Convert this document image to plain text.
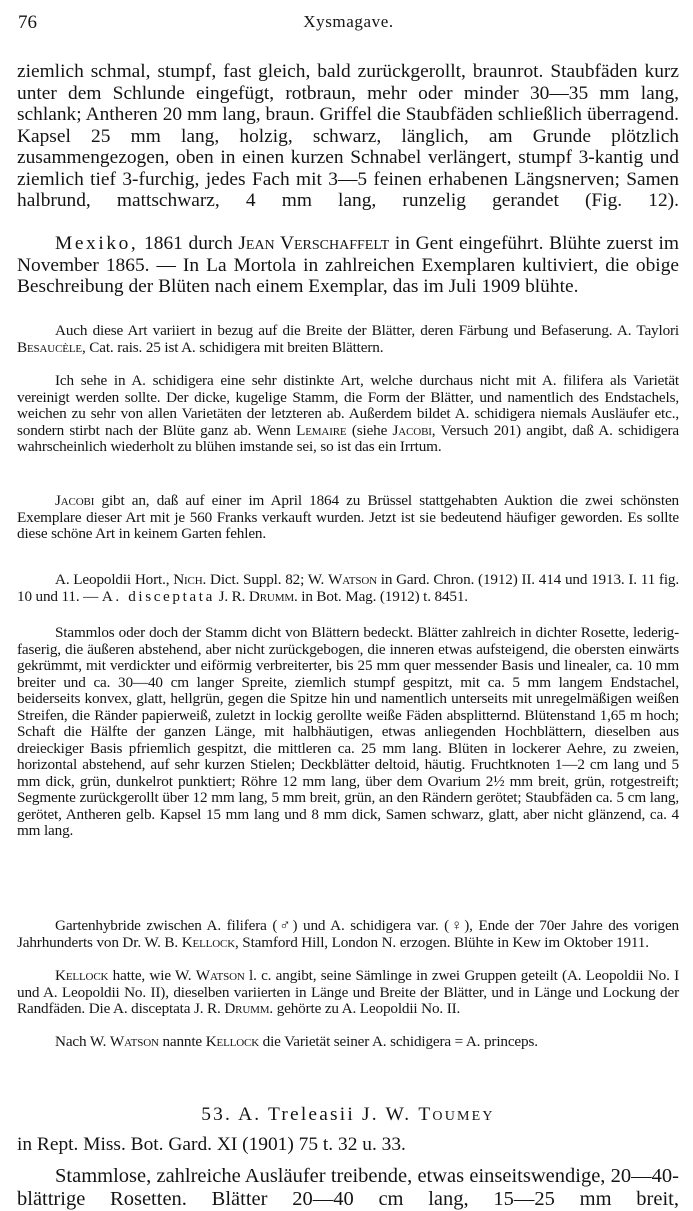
76	Xysmagave.
ziemlich schmal, stumpf, fast gleich, bald zurückgerollt, braunrot. Staubfäden kurz unter dem Schlunde eingefügt, rotbraun, mehr oder minder 30—35 mm lang, schlank; Antheren 20 mm lang, braun. Griffel die Staubfäden schließlich überragend. Kapsel 25 mm lang, holzig, schwarz, länglich, am Grunde plötzlich zusammengezogen, oben in einen kurzen Schnabel verlängert, stumpf 3-kantig und ziemlich tief 3-furchig, jedes Fach mit 3—5 feinen erhabenen Längsnerven; Samen halbrund, mattschwarz, 4 mm lang, runzelig gerandet (Fig. 12).
Mexiko, 1861 durch Jean Verschaffelt in Gent eingeführt. Blühte zuerst im November 1865. — In La Mortola in zahlreichen Exemplaren kultiviert, die obige Beschreibung der Blüten nach einem Exemplar, das im Juli 1909 blühte.
Auch diese Art variiert in bezug auf die Breite der Blätter, deren Färbung und Befaserung. A. Taylori Besaucèle, Cat. rais. 25 ist A. schidigera mit breiten Blättern.
Ich sehe in A. schidigera eine sehr distinkte Art, welche durchaus nicht mit A. filifera als Varietät vereinigt werden sollte. Der dicke, kugelige Stamm, die Form der Blätter, und namentlich des Endstachels, weichen zu sehr von allen Varietäten der letzteren ab. Außerdem bildet A. schidigera niemals Ausläufer etc., sondern stirbt nach der Blüte ganz ab. Wenn Lemaire (siehe Jacobi, Versuch 201) angibt, daß A. schidigera wahrscheinlich wiederholt zu blühen imstande sei, so ist das ein Irrtum.
Jacobi gibt an, daß auf einer im April 1864 zu Brüssel stattgehabten Auktion die zwei schönsten Exemplare dieser Art mit je 560 Franks verkauft wurden. Jetzt ist sie bedeutend häufiger geworden. Es sollte diese schöne Art in keinem Garten fehlen.
A. Leopoldii Hort., Nich. Dict. Suppl. 82; W. Watson in Gard. Chron. (1912) II. 414 und 1913. I. 11 fig. 10 und 11. — A. disceptata J. R. Drumm. in Bot. Mag. (1912) t. 8451.
Stammlos oder doch der Stamm dicht von Blättern bedeckt. Blätter zahlreich in dichter Rosette, lederig-faserig, die äußeren abstehend, aber nicht zurückgebogen, die inneren etwas aufsteigend, die obersten einwärts gekrümmt, mit verdickter und eiförmig verbreiterter, bis 25 mm quer messender Basis und linealer, ca. 10 mm breiter und ca. 30—40 cm langer Spreite, ziemlich stumpf gespitzt, mit ca. 5 mm langem Endstachel, beiderseits konvex, glatt, hellgrün, gegen die Spitze hin und namentlich unterseits mit unregelmäßigen weißen Streifen, die Ränder papierweiß, zuletzt in lockig gerollte weiße Fäden absplitternd. Blütenstand 1,65 m hoch; Schaft die Hälfte der ganzen Länge, mit halbhäutigen, etwas anliegenden Hochblättern, dieselben aus dreieckiger Basis pfriemlich gespitzt, die mittleren ca. 25 mm lang. Blüten in lockerer Aehre, zu zweien, horizontal abstehend, auf sehr kurzen Stielen; Deckblätter deltoid, häutig. Fruchtknoten 1—2 cm lang und 5 mm dick, grün, dunkelrot punktiert; Röhre 12 mm lang, über dem Ovarium 2½ mm breit, grün, rotgestreift; Segmente zurückgerollt über 12 mm lang, 5 mm breit, grün, an den Rändern gerötet; Staubfäden ca. 5 cm lang, gerötet, Antheren gelb. Kapsel 15 mm lang und 8 mm dick, Samen schwarz, glatt, aber nicht glänzend, ca. 4 mm lang.
Gartenhybride zwischen A. filifera (♂) und A. schidigera var. (♀), Ende der 70er Jahre des vorigen Jahrhunderts von Dr. W. B. Kellock, Stamford Hill, London N. erzogen. Blühte in Kew im Oktober 1911.
Kellock hatte, wie W. Watson l. c. angibt, seine Sämlinge in zwei Gruppen geteilt (A. Leopoldii No. I und A. Leopoldii No. II), dieselben variierten in Länge und Breite der Blätter, und in Länge und Lockung der Randfäden. Die A. disceptata J. R. Drumm. gehörte zu A. Leopoldii No. II.
Nach W. Watson nannte Kellock die Varietät seiner A. schidigera = A. princeps.
53. A. Treleasii J. W. Toumey
in Rept. Miss. Bot. Gard. XI (1901) 75 t. 32 u. 33.
Stammlose, zahlreiche Ausläufer treibende, etwas einseitswendige, 20—40-blättrige Rosetten. Blätter 20—40 cm lang, 15—25 mm breit,
